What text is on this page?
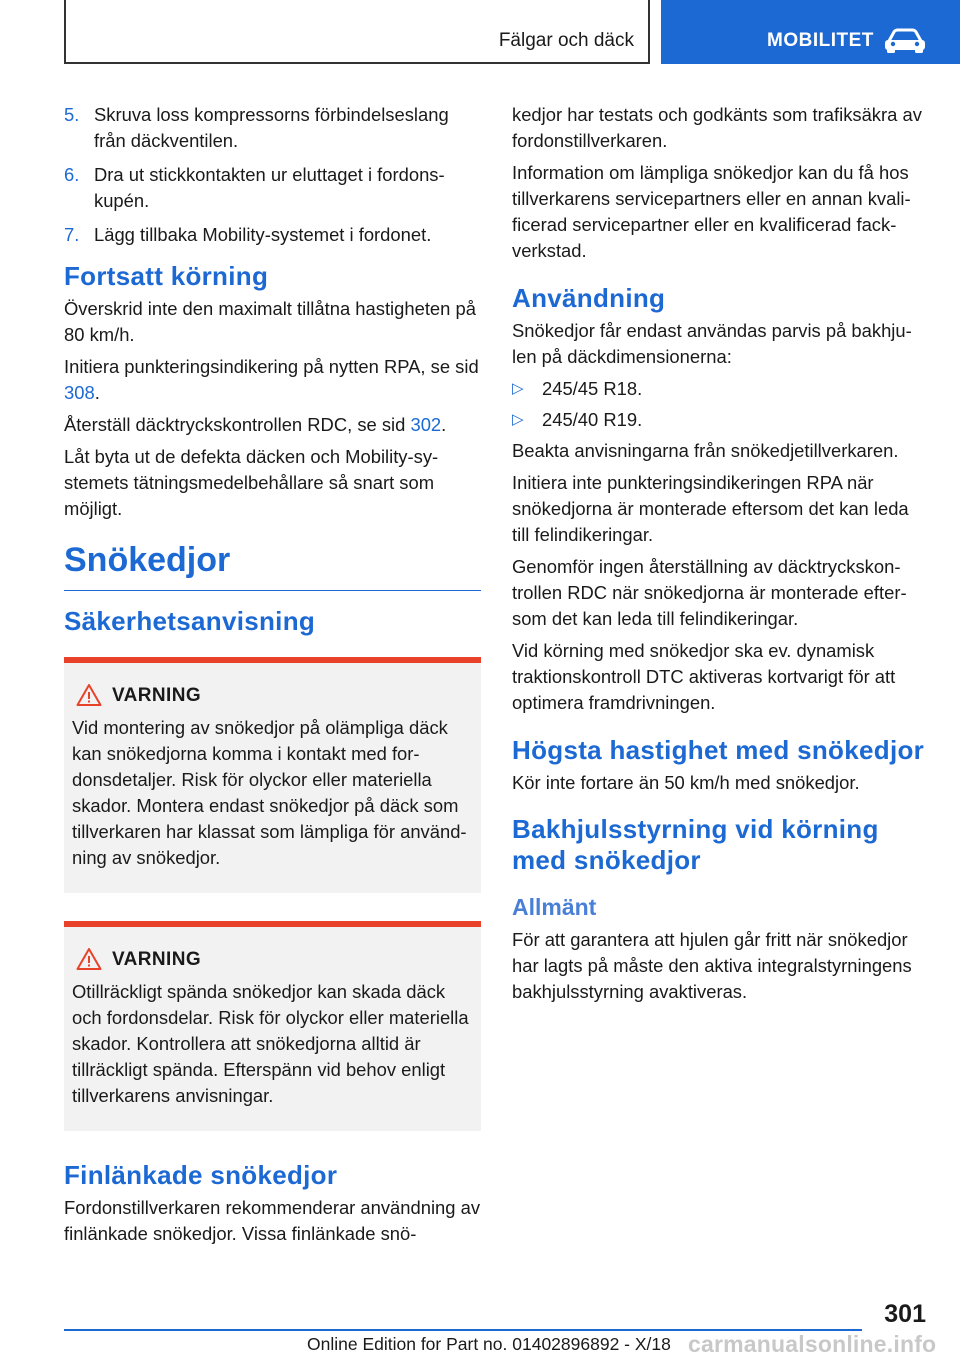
Fälgar och däck	MOBILITET
5. Skruva loss kompressorns förbindelseslang från däckventilen.
6. Dra ut stickkontakten ur eluttaget i fordonskupén.
7. Lägg tillbaka Mobility-systemet i fordonet.
Fortsatt körning

Överskrid inte den maximalt tillåtna hastigheten på 80 km/h.

Initiera punkteringsindikering på nytten RPA, se sid 308.

Återställ däcktryckskontrollen RDC, se sid 302.

Låt byta ut de defekta däcken och Mobility-systemets tätningsmedelbehållare så snart som möjligt.

Snökedjor
Säkerhetsanvisning
VARNING

Vid montering av snökedjor på olämpliga däck kan snökedjorna komma i kontakt med fordonsdetaljer. Risk för olyckor eller materiella skador. Montera endast snökedjor på däck som tillverkaren har klassat som lämpliga för användning av snökedjor.

VARNING

Otillräckligt spända snökedjor kan skada däck och fordonsdelar. Risk för olyckor eller materiella skador. Kontrollera att snökedjorna alltid är tillräckligt spända. Efterspänn vid behov enligt tillverkarens anvisningar.

Finlänkade snökedjor

Fordonstillverkaren rekommenderar användning av finlänkade snökedjor. Vissa finlänkade snö-

kedjor har testats och godkänts som trafiksäkra av fordonstillverkaren.

Information om lämpliga snökedjor kan du få hos tillverkarens servicepartners eller en annan kvalificerad servicepartner eller en kvalificerad fackverkstad.

Användning

Snökedjor får endast användas parvis på bakhjulen på däckdimensionerna:

▷ 245/45 R18.
▷ 245/40 R19.

Beakta anvisningarna från snökedjetillverkaren.

Initiera inte punkteringsindikeringen RPA när snökedjorna är monterade eftersom det kan leda till felindikeringar.

Genomför ingen återställning av däcktryckskontrollen RDC när snökedjorna är monterade eftersom det kan leda till felindikeringar.

Vid körning med snökedjor ska ev. dynamisk traktionskontroll DTC aktiveras kortvarigt för att optimera framdrivningen.

Högsta hastighet med snökedjor

Kör inte fortare än 50 km/h med snökedjor.

Bakhjulsstyrning vid körning med snökedjor
Allmänt

För att garantera att hjulen går fritt när snökedjor har lagts på måste den aktiva integralstyrningens bakhjulsstyrning avaktiveras.

301
Online Edition for Part no. 01402896892 - X/18 carmanualsonline.info
